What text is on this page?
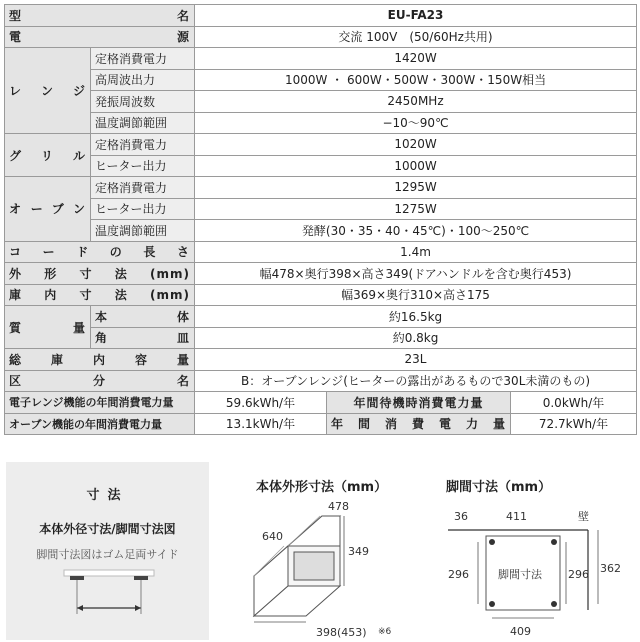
型名		EU-FA23		
電源		交流 100V　(50/60Hz共用)		
レンジ	定格消費電力	1420W		
	高周波出力	1000W ・ 600W・500W・300W・150W相当		
	発振周波数	2450MHz		
	温度調節範囲	−10〜90℃		
グリル	定格消費電力	1020W		
	ヒーター出力	1000W		
オーブン	定格消費電力	1295W		
	ヒーター出力	1275W		
	温度調節範囲	発酵(30・35・40・45℃)・100〜250℃		
コードの長さ		1.4m		
外形寸法(mm)		幅478×奥行398×高さ349(ドアハンドルを含む奥行453)		
庫内寸法(mm)		幅369×奥行310×高さ175		
質量	本体	約16.5kg		
	角皿	約0.8kg		
総庫内容量		23L		
区分名		B：オーブンレンジ(ヒーターの露出があるもので30L未満のもの)		
電子レンジ機能の年間消費電力量		59.6kWh/年	年間待機時消費電力量	0.0kWh/年
オーブン機能の年間消費電力量		13.1kWh/年	年間消費電力量	72.7kWh/年
寸法
本体外径寸法/脚間寸法図
脚間寸法図はゴム足両サイド
本体外形寸法（mm）	脚間寸法（mm）
640
478
349
398(453) ※6
36	411	壁
296	296 362
脚間寸法
409
